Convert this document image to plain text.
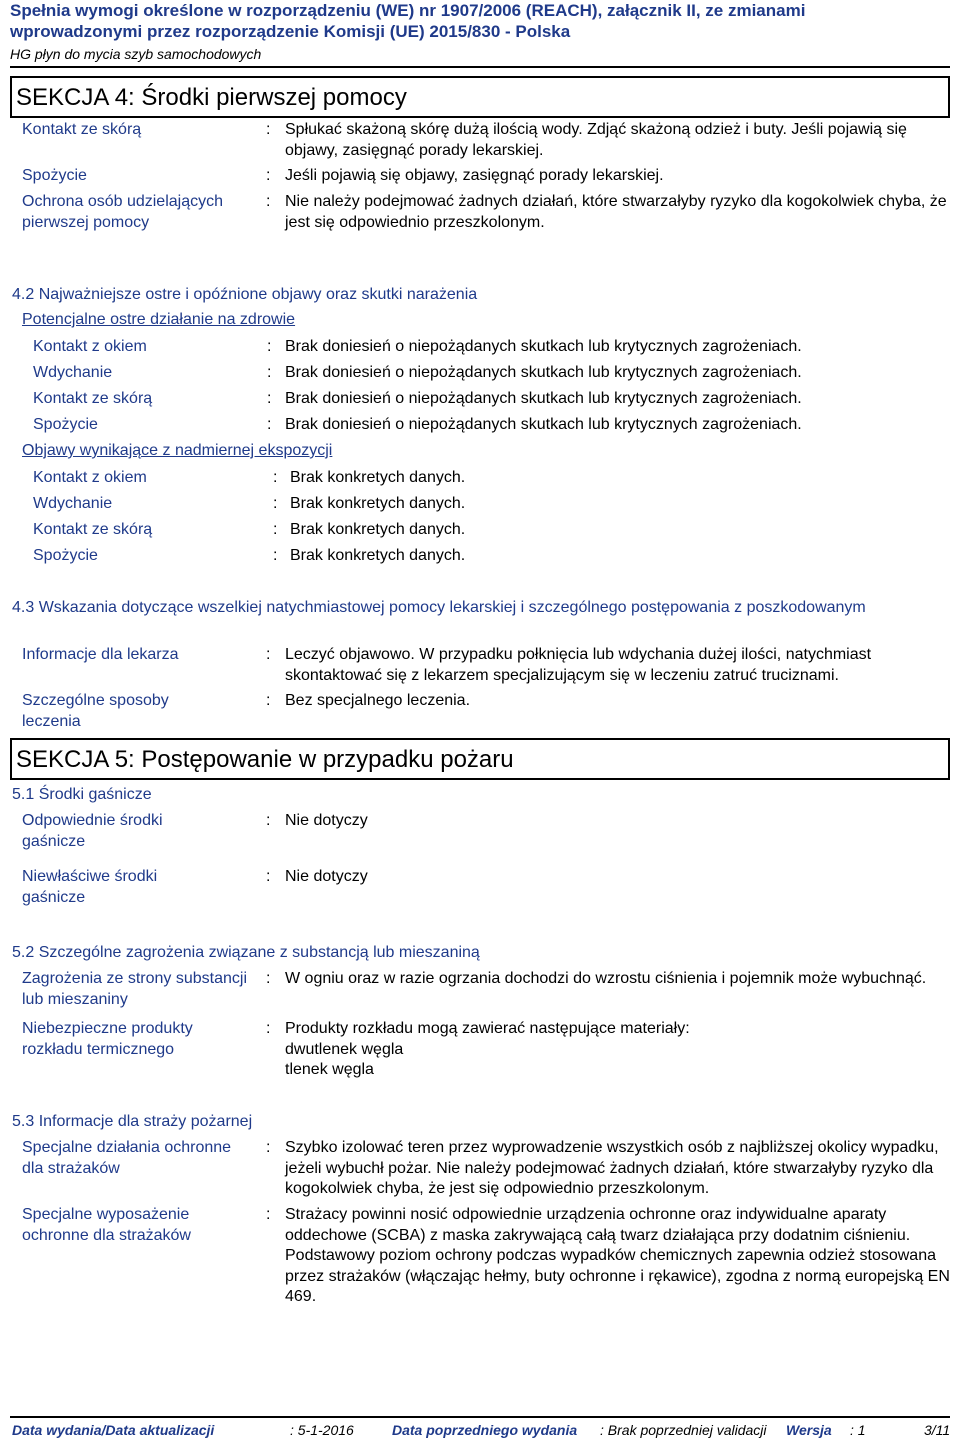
Spełnia wymogi określone w rozporządzeniu (WE) nr 1907/2006 (REACH), załącznik II, ze zmianami
wprowadzonymi przez rozporządzenie Komisji (UE) 2015/830 - Polska
HG płyn do mycia szyb samochodowych
SEKCJA 4: Środki pierwszej pomocy
Kontakt ze skórą	: Spłukać skażoną skórę dużą ilością wody. Zdjąć skażoną odzież i buty. Jeśli pojawią się objawy, zasięgnąć porady lekarskiej.
Spożycie	: Jeśli pojawią się objawy, zasięgnąć porady lekarskiej.
Ochrona osób udzielających pierwszej pomocy
: Nie należy podejmować żadnych działań, które stwarzałyby ryzyko dla kogokolwiek chyba, że jest się odpowiednio przeszkolonym.
4.2 Najważniejsze ostre i opóźnione objawy oraz skutki narażenia
Potencjalne ostre działanie na zdrowie
Kontakt z okiem	: Brak doniesień o niepożądanych skutkach lub krytycznych zagrożeniach.
Wdychanie	: Brak doniesień o niepożądanych skutkach lub krytycznych zagrożeniach.
Kontakt ze skórą	: Brak doniesień o niepożądanych skutkach lub krytycznych zagrożeniach.
Spożycie	: Brak doniesień o niepożądanych skutkach lub krytycznych zagrożeniach.
Objawy wynikające z nadmiernej ekspozycji
Kontakt z okiem	: Brak konkretych danych.
Wdychanie	: Brak konkretych danych.
Kontakt ze skórą	: Brak konkretych danych.
Spożycie	: Brak konkretych danych.
4.3 Wskazania dotyczące wszelkiej natychmiastowej pomocy lekarskiej i szczególnego postępowania z poszkodowanym
Informacje dla lekarza	: Leczyć objawowo. W przypadku połknięcia lub wdychania dużej ilości, natychmiast skontaktować się z lekarzem specjalizującym się w leczeniu zatruć truciznami.
Szczególne sposoby leczenia
: Bez specjalnego leczenia.
SEKCJA 5: Postępowanie w przypadku pożaru
5.1 Środki gaśnicze
Odpowiednie środki gaśnicze
: Nie dotyczy
Niewłaściwe środki gaśnicze
: Nie dotyczy
5.2 Szczególne zagrożenia związane z substancją lub mieszaniną
Zagrożenia ze strony substancji lub mieszaniny
: W ogniu oraz w razie ogrzania dochodzi do wzrostu ciśnienia i pojemnik może wybuchnąć.
Niebezpieczne produkty rozkładu termicznego
: Produkty rozkładu mogą zawierać następujące materiały:
dwutlenek węgla
tlenek węgla
5.3 Informacje dla straży pożarnej
Specjalne działania ochronne dla strażaków
: Szybko izolować teren przez wyprowadzenie wszystkich osób z najbliższej okolicy wypadku, jeżeli wybuchł pożar. Nie należy podejmować żadnych działań, które stwarzałyby ryzyko dla kogokolwiek chyba, że jest się odpowiednio przeszkolonym.
Specjalne wyposażenie ochronne dla strażaków
: Strażacy powinni nosić odpowiednie urządzenia ochronne oraz indywidualne aparaty oddechowe (SCBA) z maska zakrywającą całą twarz działająca przy dodatnim ciśnieniu. Podstawowy poziom ochrony podczas wypadków chemicznych zapewnia odzież stosowana przez strażaków (włączając hełmy, buty ochronne i rękawice), zgodna z normą europejską EN 469.
Data wydania/Data aktualizacji	: 5-1-2016	Data poprzedniego wydania : Brak poprzedniej validacji Wersja : 1	3/11
